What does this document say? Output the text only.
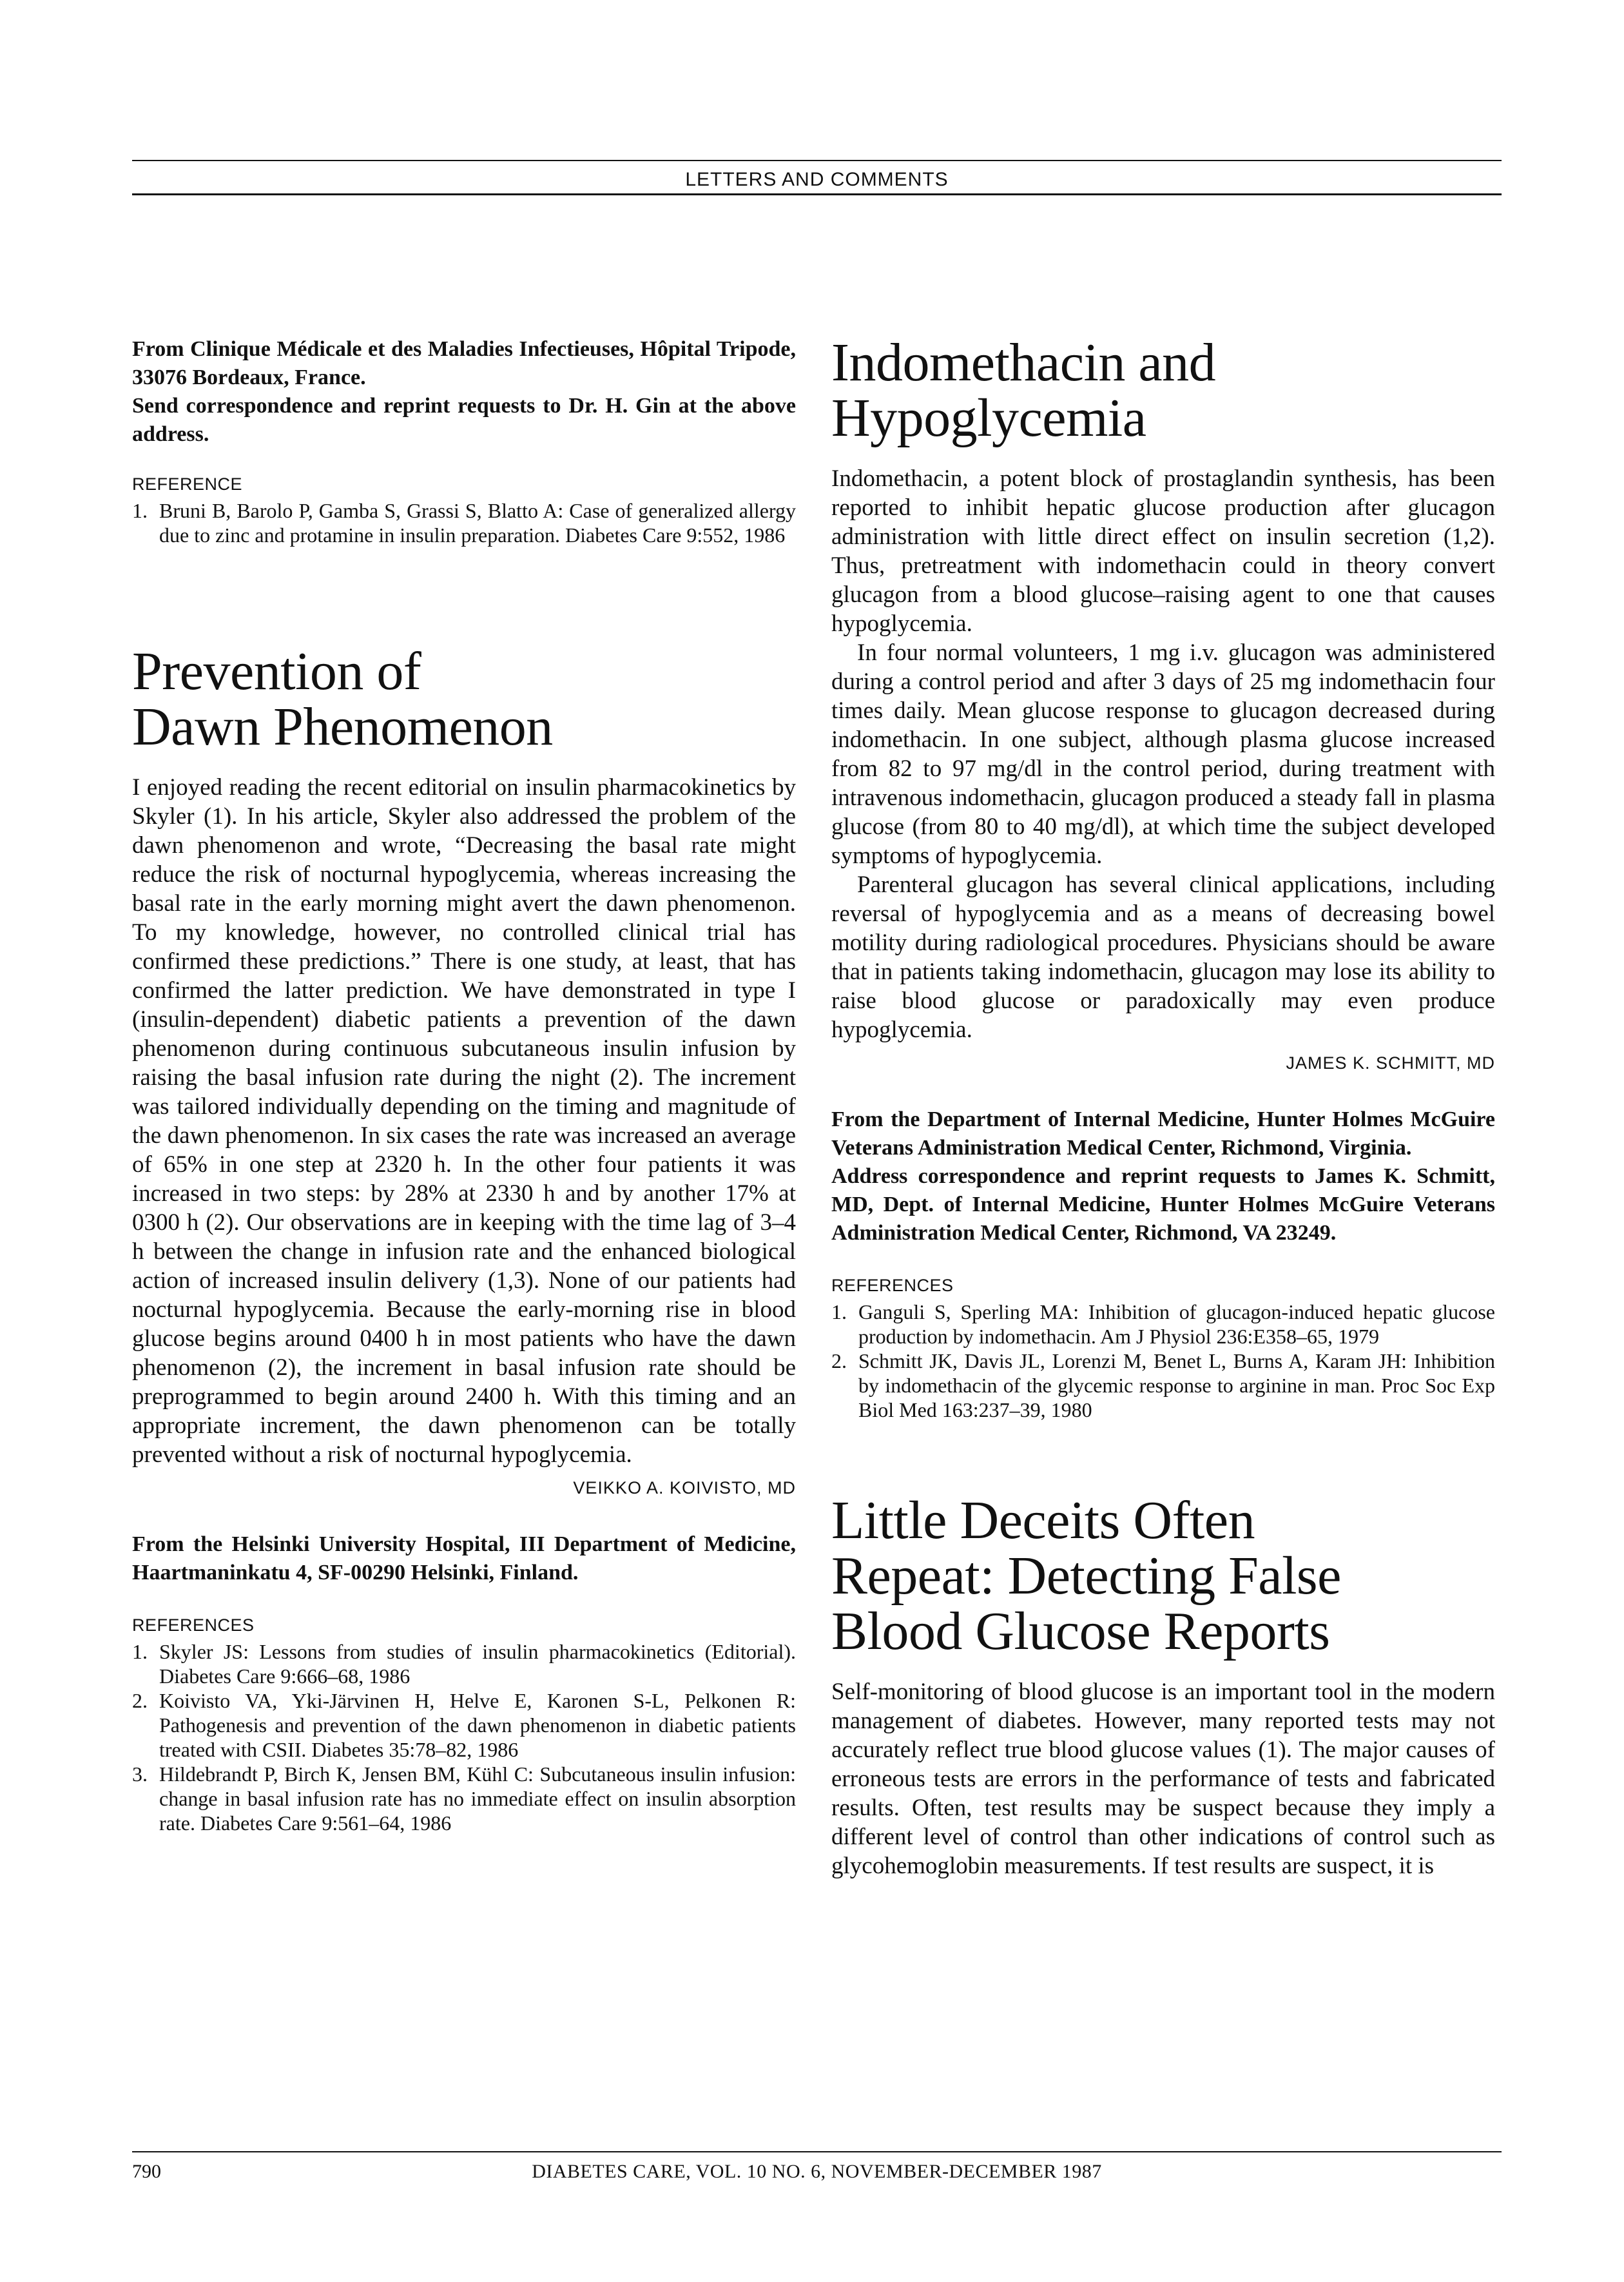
LETTERS AND COMMENTS

From Clinique Médicale et des Maladies Infectieuses, Hôpital Tripode, 33076 Bordeaux, France.

Send correspondence and reprint requests to Dr. H. Gin at the above address.

REFERENCE

1. Bruni B, Barolo P, Gamba S, Grassi S, Blatto A: Case of generalized allergy due to zinc and protamine in insulin preparation. Diabetes Care 9:552, 1986
Prevention of
Dawn Phenomenon

I enjoyed reading the recent editorial on insulin pharmacokinetics by Skyler (1). In his article, Skyler also addressed the problem of the dawn phenomenon and wrote, “Decreasing the basal rate might reduce the risk of nocturnal hypoglycemia, whereas increasing the basal rate in the early morning might avert the dawn phenomenon. To my knowledge, however, no controlled clinical trial has confirmed these predictions.” There is one study, at least, that has confirmed the latter prediction. We have demonstrated in type I (insulin-dependent) diabetic patients a prevention of the dawn phenomenon during continuous subcutaneous insulin infusion by raising the basal infusion rate during the night (2). The increment was tailored individually depending on the timing and magnitude of the dawn phenomenon. In six cases the rate was increased an average of 65% in one step at 2320 h. In the other four patients it was increased in two steps: by 28% at 2330 h and by another 17% at 0300 h (2). Our observations are in keeping with the time lag of 3–4 h between the change in infusion rate and the enhanced biological action of increased insulin delivery (1,3). None of our patients had nocturnal hypoglycemia. Because the early-morning rise in blood glucose begins around 0400 h in most patients who have the dawn phenomenon (2), the increment in basal infusion rate should be preprogrammed to begin around 2400 h. With this timing and an appropriate increment, the dawn phenomenon can be totally prevented without a risk of nocturnal hypoglycemia.

VEIKKO A. KOIVISTO, MD

From the Helsinki University Hospital, III Department of Medicine, Haartmaninkatu 4, SF-00290 Helsinki, Finland.

REFERENCES

1. Skyler JS: Lessons from studies of insulin pharmacokinetics (Editorial). Diabetes Care 9:666–68, 1986
2. Koivisto VA, Yki-Järvinen H, Helve E, Karonen S-L, Pelkonen R: Pathogenesis and prevention of the dawn phenomenon in diabetic patients treated with CSII. Diabetes 35:78–82, 1986
3. Hildebrandt P, Birch K, Jensen BM, Kühl C: Subcutaneous insulin infusion: change in basal infusion rate has no immediate effect on insulin absorption rate. Diabetes Care 9:561–64, 1986
Indomethacin and
Hypoglycemia

Indomethacin, a potent block of prostaglandin synthesis, has been reported to inhibit hepatic glucose production after glucagon administration with little direct effect on insulin secretion (1,2). Thus, pretreatment with indomethacin could in theory convert glucagon from a blood glucose–raising agent to one that causes hypoglycemia.

In four normal volunteers, 1 mg i.v. glucagon was administered during a control period and after 3 days of 25 mg indomethacin four times daily. Mean glucose response to glucagon decreased during indomethacin. In one subject, although plasma glucose increased from 82 to 97 mg/dl in the control period, during treatment with intravenous indomethacin, glucagon produced a steady fall in plasma glucose (from 80 to 40 mg/dl), at which time the subject developed symptoms of hypoglycemia.

Parenteral glucagon has several clinical applications, including reversal of hypoglycemia and as a means of decreasing bowel motility during radiological procedures. Physicians should be aware that in patients taking indomethacin, glucagon may lose its ability to raise blood glucose or paradoxically may even produce hypoglycemia.

JAMES K. SCHMITT, MD

From the Department of Internal Medicine, Hunter Holmes McGuire Veterans Administration Medical Center, Richmond, Virginia.

Address correspondence and reprint requests to James K. Schmitt, MD, Dept. of Internal Medicine, Hunter Holmes McGuire Veterans Administration Medical Center, Richmond, VA 23249.

REFERENCES

1. Ganguli S, Sperling MA: Inhibition of glucagon-induced hepatic glucose production by indomethacin. Am J Physiol 236:E358–65, 1979
2. Schmitt JK, Davis JL, Lorenzi M, Benet L, Burns A, Karam JH: Inhibition by indomethacin of the glycemic response to arginine in man. Proc Soc Exp Biol Med 163:237–39, 1980
Little Deceits Often
Repeat: Detecting False
Blood Glucose Reports

Self-monitoring of blood glucose is an important tool in the modern management of diabetes. However, many reported tests may not accurately reflect true blood glucose values (1). The major causes of erroneous tests are errors in the performance of tests and fabricated results. Often, test results may be suspect because they imply a different level of control than other indications of control such as glycohemoglobin measurements. If test results are suspect, it is

790	DIABETES CARE, VOL. 10 NO. 6, NOVEMBER-DECEMBER 1987
